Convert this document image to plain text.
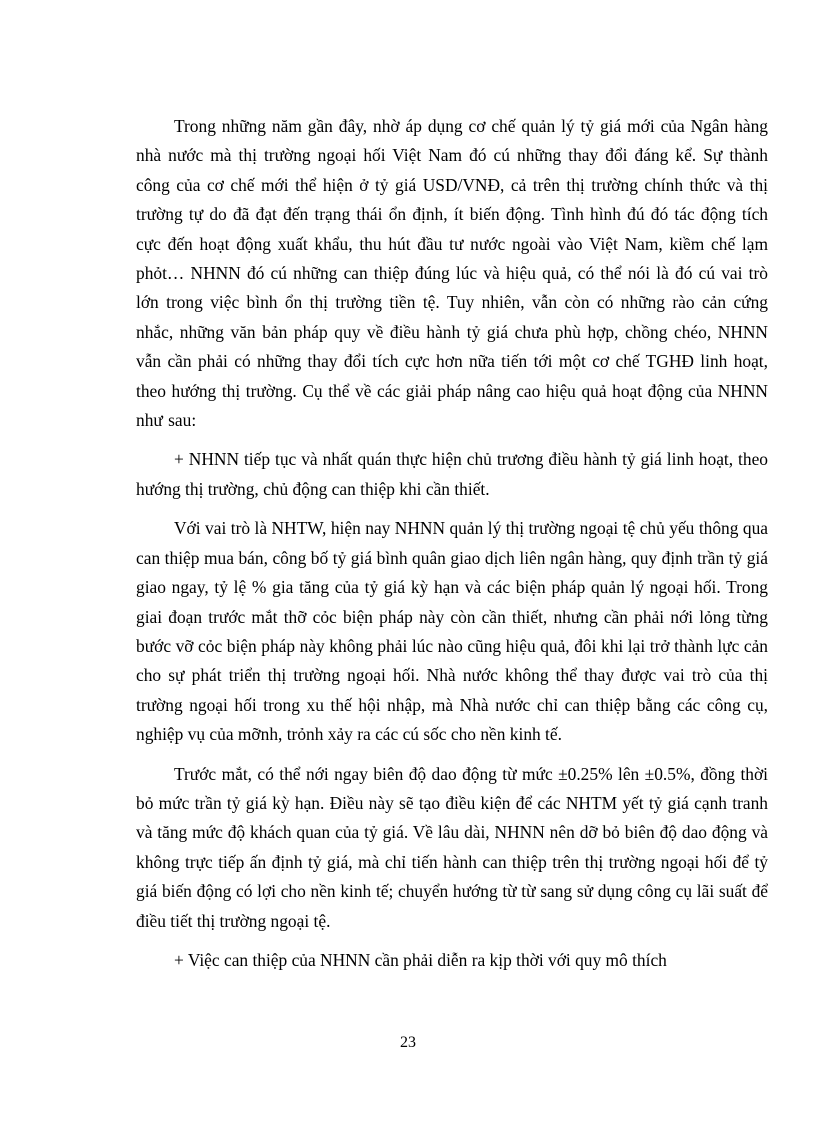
Trong những năm gần đây, nhờ áp dụng cơ chế quản lý tỷ giá mới của Ngân hàng nhà nước mà thị trường ngoại hối Việt Nam đó cú những thay đổi đáng kể. Sự thành công của cơ chế mới thể hiện ở tỷ giá USD/VNĐ, cả trên thị trường chính thức và thị trường tự do đã đạt đến trạng thái ổn định, ít biến động. Tình hình đú đó tác động tích cực đến hoạt động xuất khẩu, thu hút đầu tư nước ngoài vào Việt Nam, kiềm chế lạm phỏt… NHNN đó cú những can thiệp đúng lúc và hiệu quả, có thể nói là đó cú vai trò lớn trong việc bình ổn thị trường tiền tệ. Tuy nhiên, vẫn còn có những rào cản cứng nhắc, những văn bản pháp quy về điều hành tỷ giá chưa phù hợp, chồng chéo, NHNN vẫn cần phải có những thay đổi tích cực hơn nữa tiến tới một cơ chế TGHĐ linh hoạt, theo hướng thị trường. Cụ thể về các giải pháp nâng cao hiệu quả hoạt động của NHNN như sau:

+ NHNN tiếp tục và nhất quán thực hiện chủ trương điều hành tỷ giá linh hoạt, theo hướng thị trường, chủ động can thiệp khi cần thiết.

Với vai trò là NHTW, hiện nay NHNN quản lý thị trường ngoại tệ chủ yếu thông qua can thiệp mua bán, công bố tỷ giá bình quân giao dịch liên ngân hàng, quy định trần tỷ giá giao ngay, tỷ lệ % gia tăng của tỷ giá kỳ hạn và các biện pháp quản lý ngoại hối. Trong giai đoạn trước mắt thỡ cỏc biện pháp này còn cần thiết, nhưng cần phải nới lỏng từng bước vỡ cỏc biện pháp này không phải lúc nào cũng hiệu quả, đôi khi lại trở thành lực cản cho sự phát triển thị trường ngoại hối. Nhà nước không thể thay được vai trò của thị trường ngoại hối trong xu thế hội nhập, mà Nhà nước chỉ can thiệp bằng các công cụ, nghiệp vụ của mỡnh, trỏnh xảy ra các cú sốc cho nền kinh tế.

Trước mắt, có thể nới ngay biên độ dao động từ mức ±0.25% lên ±0.5%, đồng thời bỏ mức trần tỷ giá kỳ hạn. Điều này sẽ tạo điều kiện để các NHTM yết tỷ giá cạnh tranh và tăng mức độ khách quan của tỷ giá. Về lâu dài, NHNN nên dỡ bỏ biên độ dao động và không trực tiếp ấn định tỷ giá, mà chỉ tiến hành can thiệp trên thị trường ngoại hối để tỷ giá biến động có lợi cho nền kinh tế; chuyển hướng từ từ sang sử dụng công cụ lãi suất để điều tiết thị trường ngoại tệ.

+ Việc can thiệp của NHNN cần phải diễn ra kịp thời với quy mô thích

23
